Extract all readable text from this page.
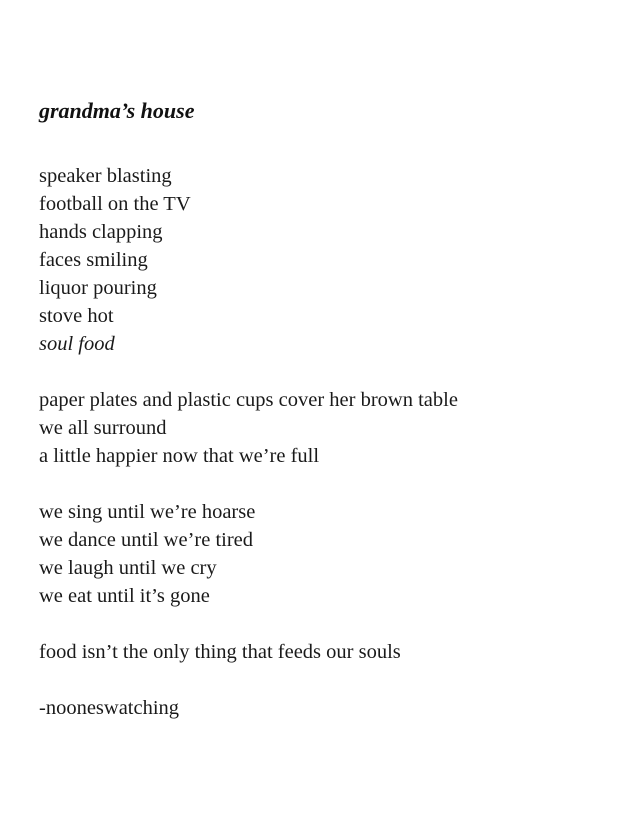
grandma’s house
speaker blasting
football on the TV
hands clapping
faces smiling
liquor pouring
stove hot
soul food
paper plates and plastic cups cover her brown table
we all surround
a little happier now that we’re full
we sing until we’re hoarse
we dance until we’re tired
we laugh until we cry
we eat until it’s gone
food isn’t the only thing that feeds our souls
-nooneswatching
